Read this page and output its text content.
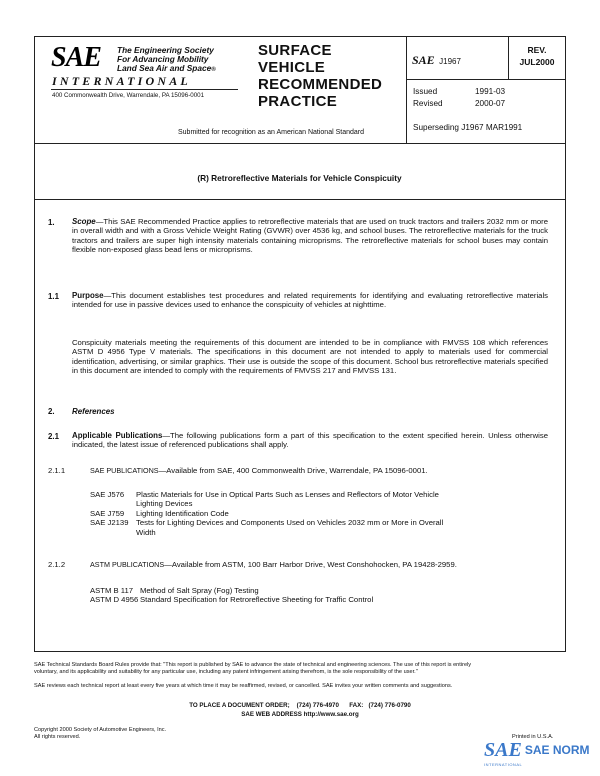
SAE The Engineering Society
For Advancing Mobility
Land Sea Air and Space®
INTERNATIONAL
400 Commonwealth Drive, Warrendale, PA 15096-0001
SURFACE
VEHICLE
RECOMMENDED
PRACTICE
Submitted for recognition as an American National Standard
SAE J1967
REV.
JUL2000
Issued	1991-03
Revised	2000-07
Superseding J1967 MAR1991
(R) Retroreflective Materials for Vehicle Conspicuity
1. Scope—This SAE Recommended Practice applies to retroreflective materials that are used on truck tractors and trailers 2032 mm or more in overall width and with a Gross Vehicle Weight Rating (GVWR) over 4536 kg, and school buses. The retroreflective materials for the truck tractors and trailers are super high intensity materials containing microprisms. The retroreflective materials for school buses may contain flexible non-exposed glass bead lens or microprisms.
1.1 Purpose—This document establishes test procedures and related requirements for identifying and evaluating retroreflective materials intended for use in passive devices used to enhance the conspicuity of vehicles at nighttime.
Conspicuity materials meeting the requirements of this document are intended to be in compliance with FMVSS 108 which references ASTM D 4956 Type V materials. The specifications in this document are not intended to apply to materials used for commercial identification, advertising, or similar graphics. Their use is outside the scope of this document. School bus retroreflective materials specified in this document are intended to comply with the requirements of FMVSS 217 and FMVSS 131.
2. References
2.1 Applicable Publications—The following publications form a part of this specification to the extent specified herein. Unless otherwise indicated, the latest issue of referenced publications shall apply.
2.1.1	SAE PUBLICATIONS—Available from SAE, 400 Commonwealth Drive, Warrendale, PA 15096-0001.
SAE J576	Plastic Materials for Use in Optical Parts Such as Lenses and Reflectors of Motor Vehicle
Lighting Devices
SAE J759	Lighting Identification Code
SAE J2139 Tests for Lighting Devices and Components Used on Vehicles 2032 mm or More in Overall
Width
2.1.2	ASTM PUBLICATIONS—Available from ASTM, 100 Barr Harbor Drive, West Conshohocken, PA 19428-2959.
ASTM B 117 Method of Salt Spray (Fog) Testing
ASTM D 4956 Standard Specification for Retroreflective Sheeting for Traffic Control
SAE Technical Standards Board Rules provide that: "This report is published by SAE to advance the state of technical and engineering sciences. The use of this report is entirely
voluntary, and its applicability and suitability for any particular use, including any patent infringement arising therefrom, is the sole responsibility of the user."
SAE reviews each technical report at least every five years at which time it may be reaffirmed, revised, or cancelled. SAE invites your written comments and suggestions.
TO PLACE A DOCUMENT ORDER; (724) 776-4970 FAX: (724) 776-0790
SAE WEB ADDRESS http://www.sae.org
Copyright 2000 Society of Automotive Engineers, Inc.
All rights reserved.	Printed in U.S.A.
SAE SAE NORM
INTERNATIONAL
